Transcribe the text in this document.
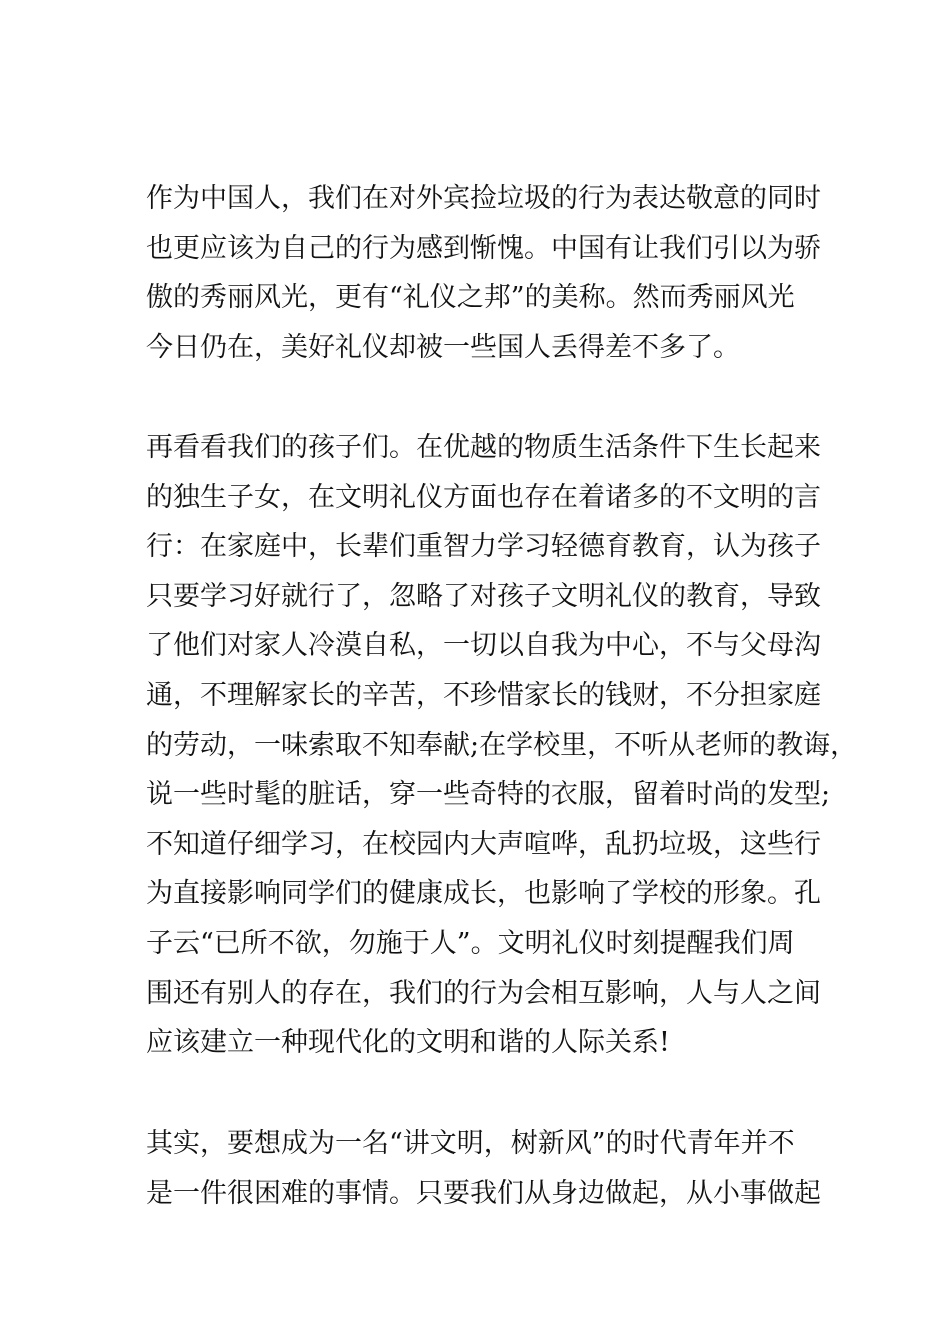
作为中国人，我们在对外宾捡垃圾的行为表达敬意的同时
也更应该为自己的行为感到惭愧。中国有让我们引以为骄
傲的秀丽风光，更有“礼仪之邦”的美称。然而秀丽风光
今日仍在，美好礼仪却被一些国人丢得差不多了。
再看看我们的孩子们。在优越的物质生活条件下生长起来
的独生子女，在文明礼仪方面也存在着诸多的不文明的言
行：在家庭中，长辈们重智力学习轻德育教育，认为孩子
只要学习好就行了，忽略了对孩子文明礼仪的教育，导致
了他们对家人冷漠自私，一切以自我为中心，不与父母沟
通，不理解家长的辛苦，不珍惜家长的钱财，不分担家庭
的劳动，一味索取不知奉献;在学校里，不听从老师的教诲，
说一些时髦的脏话，穿一些奇特的衣服，留着时尚的发型;
不知道仔细学习，在校园内大声喧哗，乱扔垃圾，这些行
为直接影响同学们的健康成长，也影响了学校的形象。孔
子云“已所不欲，勿施于人”。文明礼仪时刻提醒我们周
围还有别人的存在，我们的行为会相互影响，人与人之间
应该建立一种现代化的文明和谐的人际关系!
其实，要想成为一名“讲文明，树新风”的时代青年并不
是一件很困难的事情。只要我们从身边做起，从小事做起
